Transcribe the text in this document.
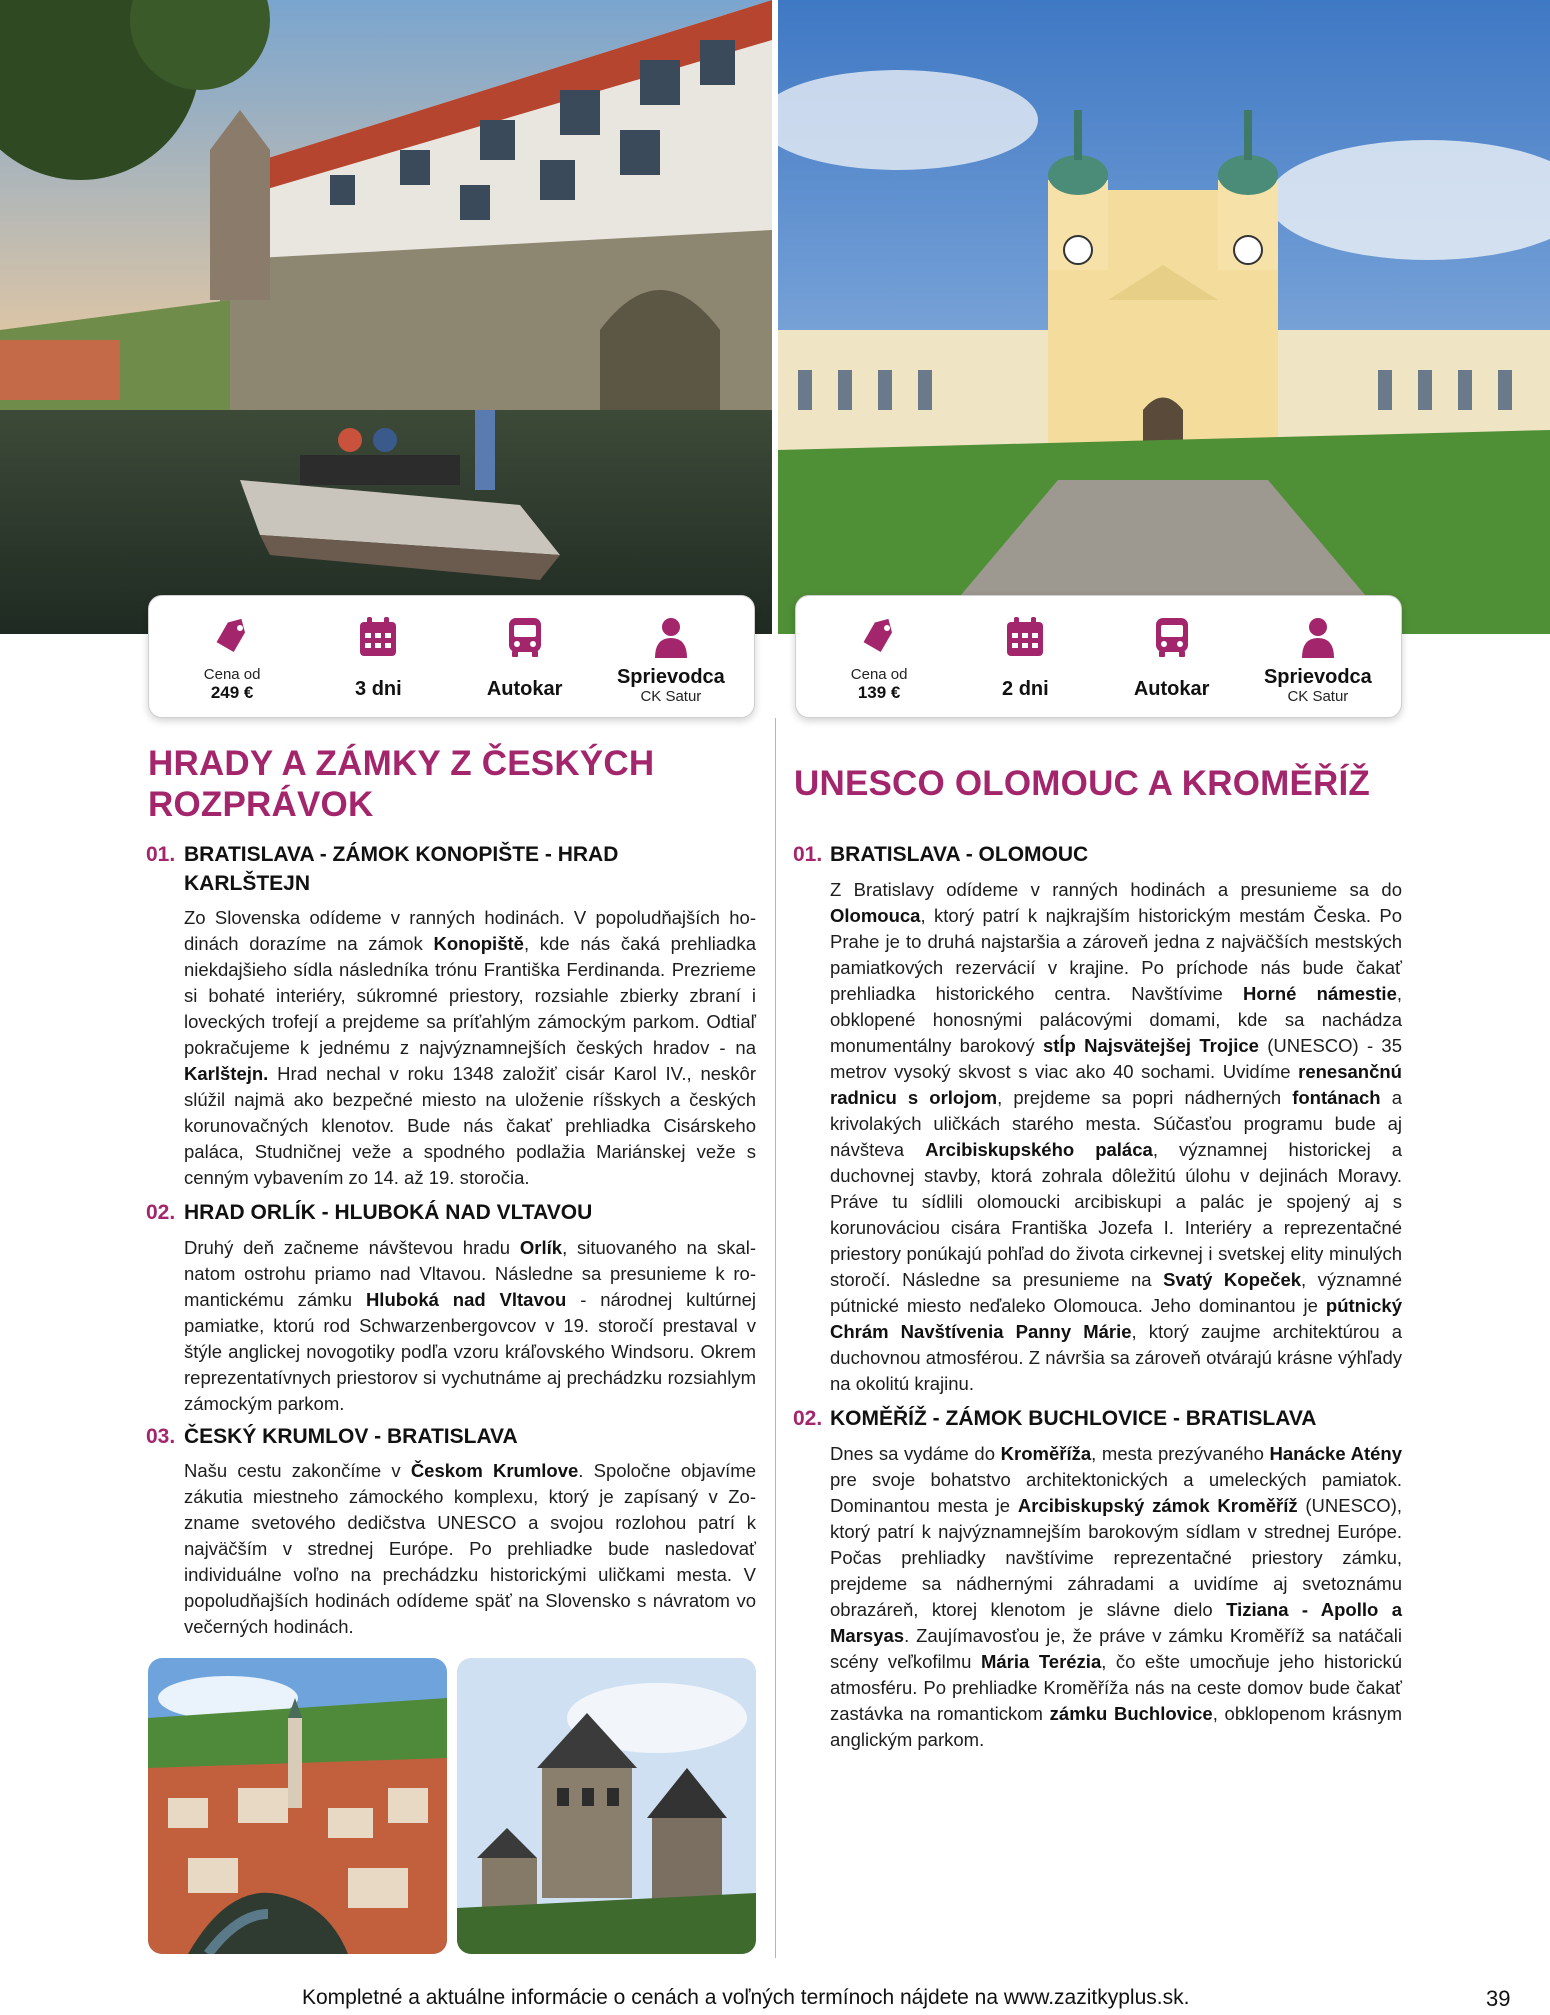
Cena od
249 €	3 dni	Autokar
Sprievodca
CK Satur
Cena od
139 €	2 dni	Autokar
Sprievodca
CK Satur
HRADY A ZÁMKY Z ČESKÝCH
ROZPRÁVOK
01. BRATISLAVA - ZÁMOK KONOPIŠTE - HRAD
KARLŠTEJN
Zo Slovenska odídeme v ranných hodinách. V popoludňajších hodinách dorazíme na zámok Konopiště, kde nás čaká prehliadka niekdajšieho sídla následníka trónu Františka Ferdinanda. Prezrieme si bohaté interiéry, súkromné priestory, rozsiahle zbierky zbraní i loveckých trofejí a prejdeme sa príťahlým zámockým parkom. Odtiaľ pokračujeme k jednému z najvýznamnejších českých hradov - na Karlštejn. Hrad nechal v roku 1348 založiť cisár Karol IV., neskôr slúžil najmä ako bezpečné miesto na uloženie ríšskych a českých korunovačných klenotov. Bude nás čakať prehliadka Cisárskeho paláca, Studničnej veže a spodného podlažia Mariánskej veže s cenným vybavením zo 14. až 19. storočia.
02. HRAD ORLÍK - HLUBOKÁ NAD VLTAVOU
Druhý deň začneme návštevou hradu Orlík, situovaného na skalnatom ostrohu priamo nad Vltavou. Následne sa presunieme k romantickému zámku Hluboká nad Vltavou - národnej kultúrnej pamiatke, ktorú rod Schwarzenbergovcov v 19. storočí prestaval v štýle anglickej novogotiky podľa vzoru kráľovského Windsoru. Okrem reprezentatívnych priestorov si vychutnáme aj prechádzku rozsiahlym zámockým parkom.
03. ČESKÝ KRUMLOV - BRATISLAVA
Našu cestu zakončíme v Českom Krumlove. Spoločne objavíme zákutia miestneho zámockého komplexu, ktorý je zapísaný v Zozname svetového dedičstva UNESCO a svojou rozlohou patrí k najväčším v strednej Európe. Po prehliadke bude nasledovať individuálne voľno na prechádzku historickými uličkami mesta. V popoludňajších hodinách odídeme späť na Slovensko s návratom vo večerných hodinách.
UNESCO OLOMOUC A KROMĚŘÍŽ
01. BRATISLAVA - OLOMOUC
Z Bratislavy odídeme v ranných hodinách a presunieme sa do Olomouca, ktorý patrí k najkrajším historickým mestám Česka. Po Prahe je to druhá najstaršia a zároveň jedna z najväčších mestských pamiatkových rezervácií v krajine. Po príchode nás bude čakať prehliadka historického centra. Navštívime Horné námestie, obklopené honosnými palácovými domami, kde sa nachádza monumentálny barokový stĺp Najsvätejšej Trojice (UNESCO) - 35 metrov vysoký skvost s viac ako 40 sochami. Uvidíme renesančnú radnicu s orlojom, prejdeme sa popri nádherných fontánach a krivolakých uličkách starého mesta. Súčasťou programu bude aj návšteva Arcibiskupského paláca, významnej historickej a duchovnej stavby, ktorá zohrala dôležitú úlohu v dejinách Moravy. Práve tu sídlili olomoucki arcibiskupi a palác je spojený aj s korunováciou cisára Františka Jozefa I. Interiéry a reprezentačné priestory ponúkajú pohľad do života cirkevnej i svetskej elity minulých storočí. Následne sa presunieme na Svatý Kopeček, významné pútnické miesto neďaleko Olomouca. Jeho dominantou je pútnický Chrám Navštívenia Panny Márie, ktorý zaujme architektúrou a duchovnou atmosférou. Z návršia sa zároveň otvárajú krásne výhľady na okolitú krajinu.
02. KOMĚŘÍŽ - ZÁMOK BUCHLOVICE - BRATISLAVA
Dnes sa vydáme do Kroměříža, mesta prezývaného Hanácke Atény pre svoje bohatstvo architektonických a umeleckých pamiatok. Dominantou mesta je Arcibiskupský zámok Kroměříž (UNESCO), ktorý patrí k najvýznamnejším barokovým sídlam v strednej Európe. Počas prehliadky navštívime reprezentačné priestory zámku, prejdeme sa nádhernými záhradami a uvidíme aj svetoznámu obrazáreň, ktorej klenotom je slávne dielo Tiziana - Apollo a Marsyas. Zaujímavosťou je, že práve v zámku Kroměříž sa natáčali scény veľkofilmu Mária Terézia, čo ešte umocňuje jeho historickú atmosféru. Po prehliadke Kroměříža nás na ceste domov bude čakať zastávka na romantickom zámku Buchlovice, obklopenom krásnym anglickým parkom.
Kompletné a aktuálne informácie o cenách a voľných termínoch nájdete na www.zazitkyplus.sk.	39
